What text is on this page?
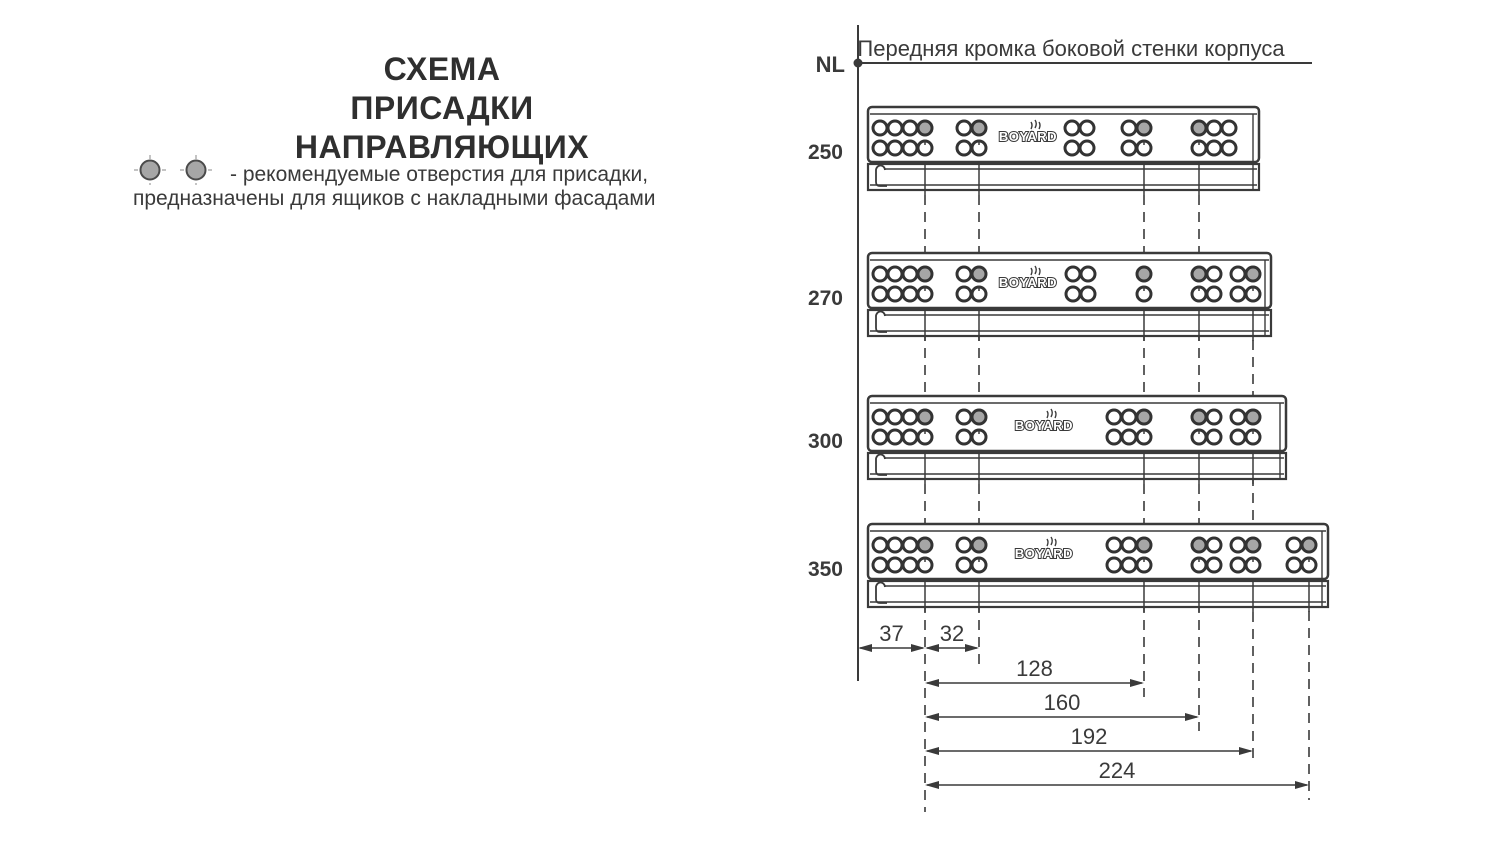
СХЕМА ПРИСАДКИ
НАПРАВЛЯЮЩИХ
- рекомендуемые отверстия для присадки,
предназначены для ящиков с накладными фасадами
NL
Передняя кромка боковой стенки корпуса
BOYARD
250
BOYARD
270
BOYARD
300
BOYARD
350
37 32
128
160
192
224
